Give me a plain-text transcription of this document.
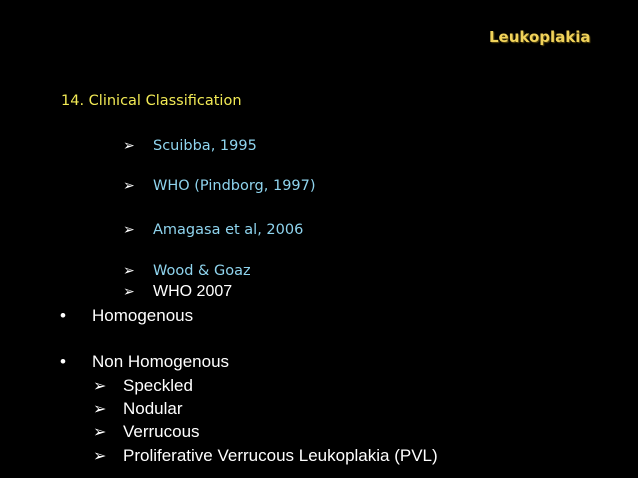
Leukoplakia
14. Clinical Classification
➢ Scuibba, 1995
➢ WHO (Pindborg, 1997)
➢ Amagasa et al, 2006
➢ Wood & Goaz
➢ WHO 2007
• Homogenous
• Non Homogenous
➢ Speckled
➢ Nodular
➢ Verrucous
➢ Proliferative Verrucous Leukoplakia (PVL)
